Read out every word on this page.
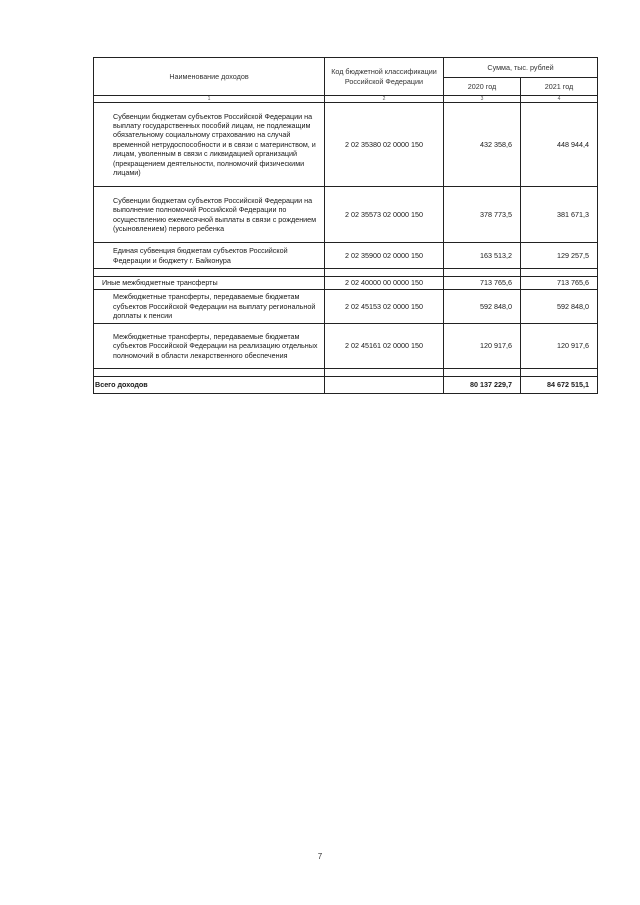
Наименование доходов	Код бюджетной классификации Российской Федерации	Сумма, тыс. рублей	
		2020 год	2021 год
1	2	3	4
Субвенции бюджетам субъектов Российской Федерации на выплату государственных пособий лицам, не подлежащим обязательному социальному страхованию на случай временной нетрудоспособности и в связи с материнством, и лицам, уволенным в связи с ликвидацией организаций (прекращением деятельности, полномочий физическими лицами)	2 02 35380 02 0000 150	432 358,6	448 944,4
Субвенции бюджетам субъектов Российской Федерации на выполнение полномочий Российской Федерации по осуществлению ежемесячной выплаты в связи с рождением (усыновлением) первого ребенка	2 02 35573 02 0000 150	378 773,5	381 671,3
Единая субвенция бюджетам субъектов Российской Федерации и бюджету г. Байконура	2 02 35900 02 0000 150	163 513,2	129 257,5

Иные межбюджетные трансферты	2 02 40000 00 0000 150	713 765,6	713 765,6
Межбюджетные трансферты, передаваемые бюджетам субъектов Российской Федерации на выплату региональной доплаты к пенсии	2 02 45153 02 0000 150	592 848,0	592 848,0
Межбюджетные трансферты, передаваемые бюджетам субъектов Российской Федерации на реализацию отдельных полномочий в области лекарственного обеспечения	2 02 45161 02 0000 150	120 917,6	120 917,6

Всего доходов		80 137 229,7	84 672 515,1
7
